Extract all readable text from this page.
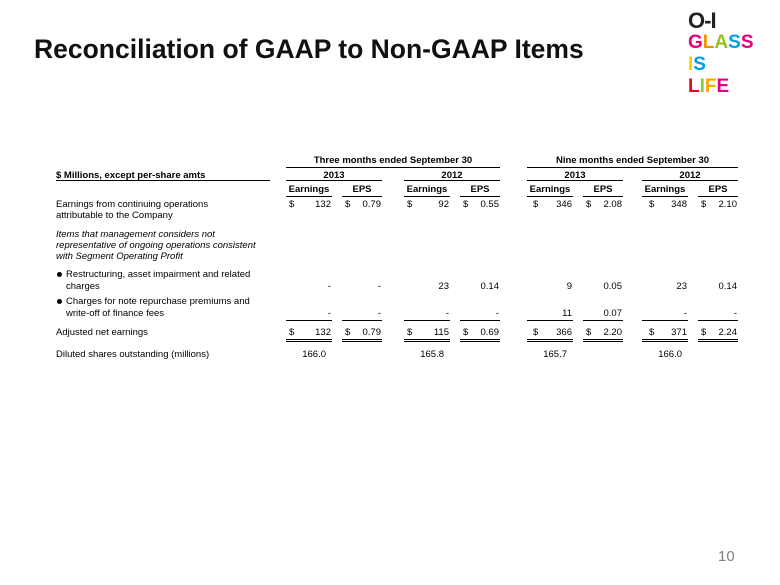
Reconciliation of GAAP to Non-GAAP Items
O-I
GLASS
IS
LIFE
Three months ended September 30	Nine months ended September 30
$ Millions, except per-share amts	2013	2012	2013	2012
Earnings	EPS	Earnings	EPS	Earnings	EPS	Earnings	EPS
Earnings from continuing operations
attributable to the Company
$	132 $	0.79	$	92 $	0.55	$	346 $	2.08	$	348 $	2.10
Items that management considers not
representative of ongoing operations consistent
with Segment Operating Profit
Restructuring, asset impairment and related
charges	-	-	23	0.14	9	0.05	23	0.14
Charges for note repurchase premiums and
write-off of finance fees	-	-	-	-	11	0.07	-	-
Adjusted net earnings	$	132 $	0.79	$	115 $	0.69	$	366 $	2.20	$	371 $	2.24
Diluted shares outstanding (millions)	166.0	165.8	165.7	166.0
10
